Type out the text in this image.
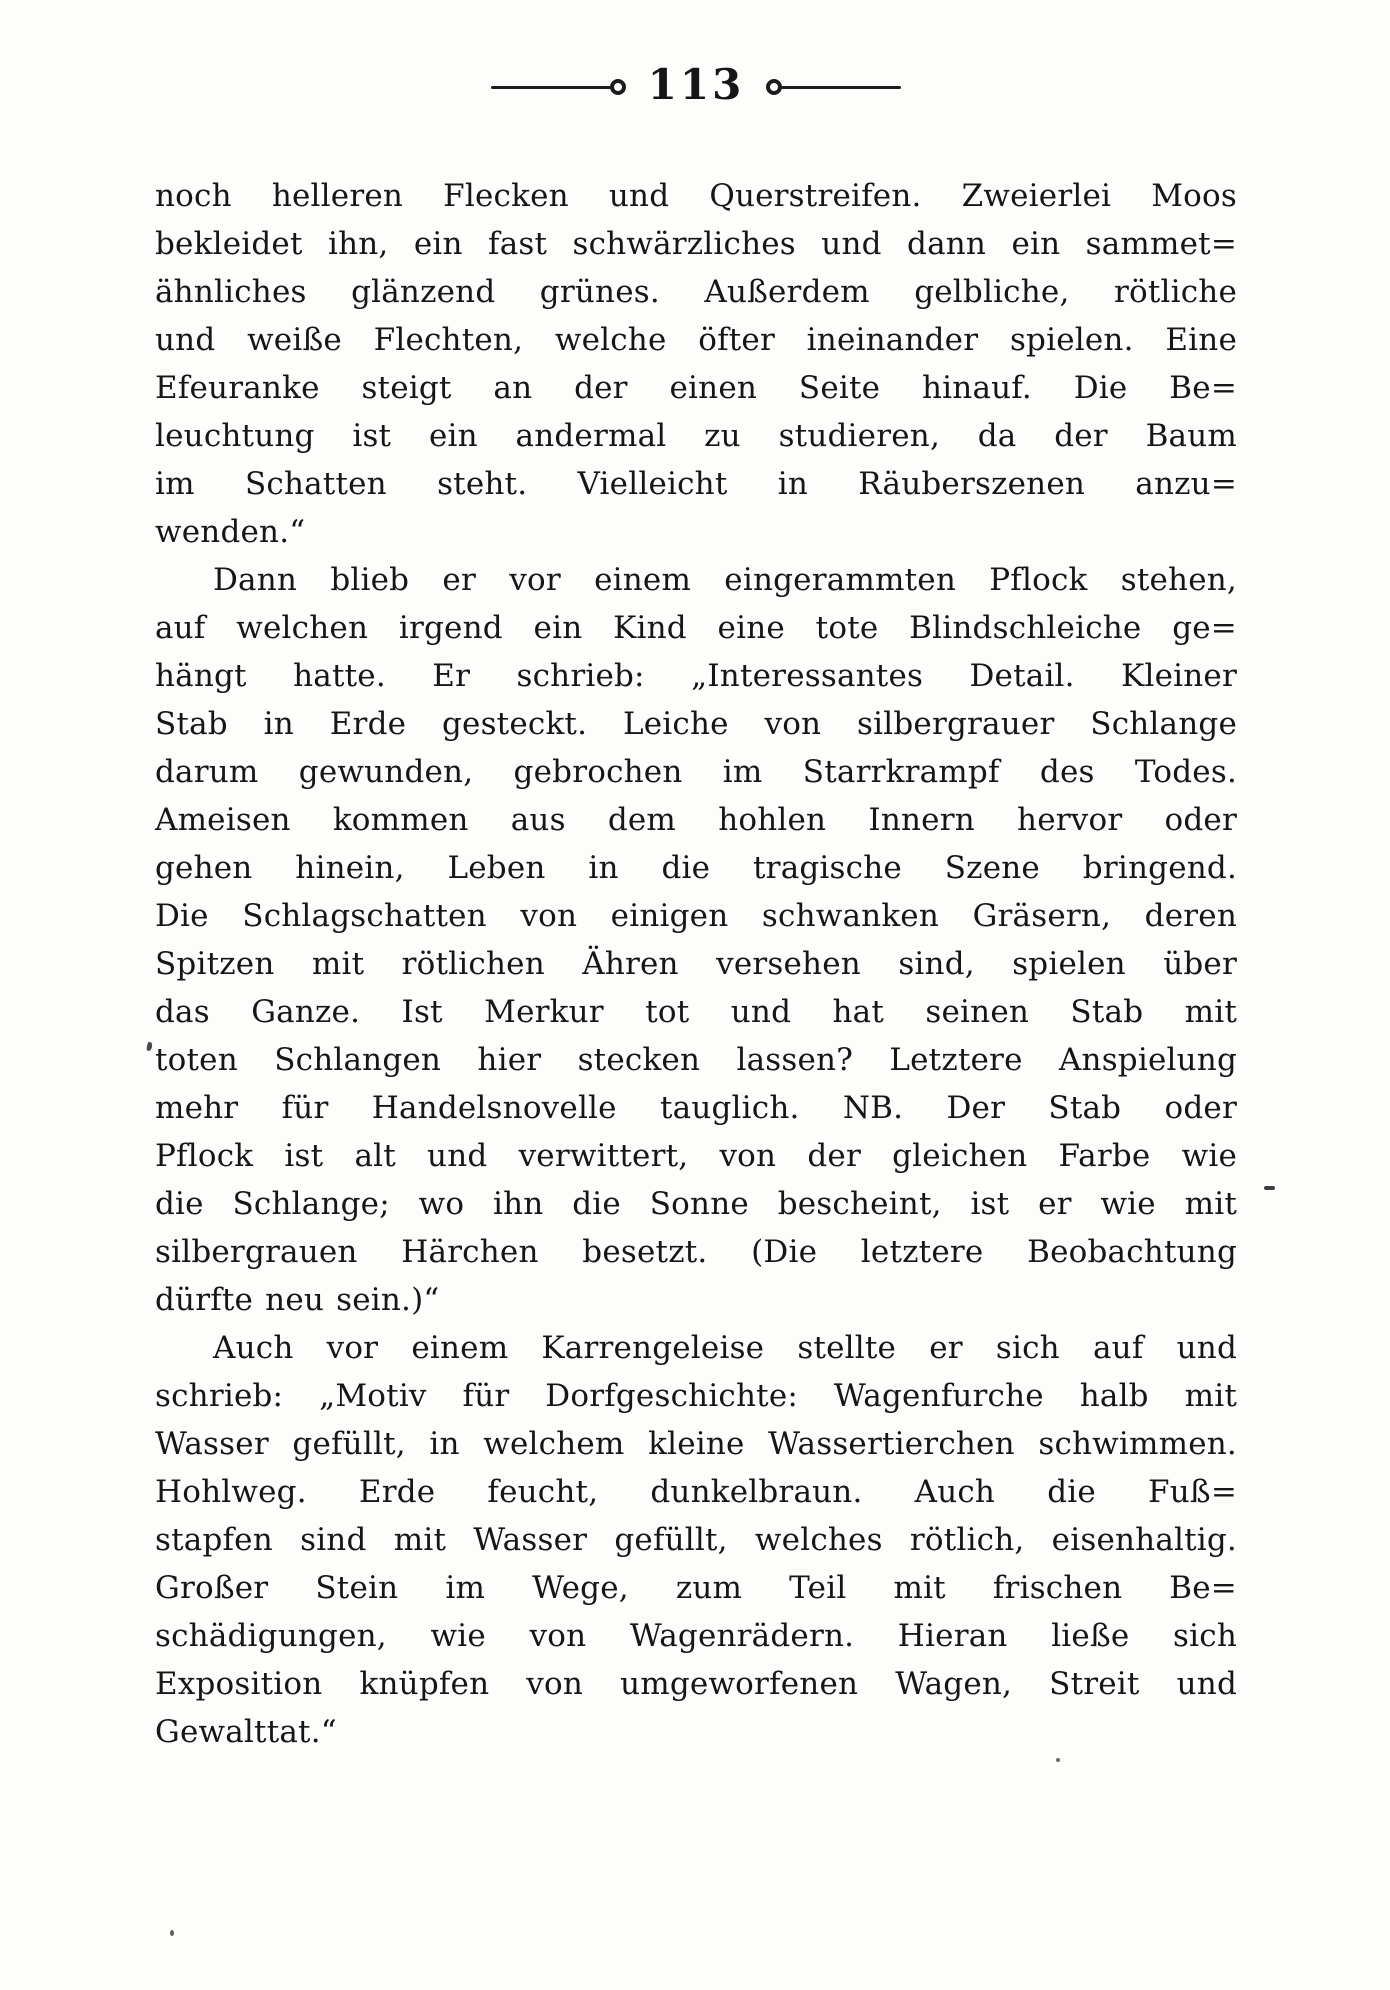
113

noch helleren Flecken und Querstreifen. Zweierlei Moos

bekleidet ihn, ein fast schwärzliches und dann ein sammet=

ähnliches glänzend grünes. Außerdem gelbliche, rötliche

und weiße Flechten, welche öfter ineinander spielen. Eine

Efeuranke steigt an der einen Seite hinauf. Die Be=

leuchtung ist ein andermal zu studieren, da der Baum

im Schatten steht. Vielleicht in Räuberszenen anzu=

wenden.“

Dann blieb er vor einem eingerammten Pflock stehen,

auf welchen irgend ein Kind eine tote Blindschleiche ge=

hängt hatte. Er schrieb: „Interessantes Detail. Kleiner

Stab in Erde gesteckt. Leiche von silbergrauer Schlange

darum gewunden, gebrochen im Starrkrampf des Todes.

Ameisen kommen aus dem hohlen Innern hervor oder

gehen hinein, Leben in die tragische Szene bringend.

Die Schlagschatten von einigen schwanken Gräsern, deren

Spitzen mit rötlichen Ähren versehen sind, spielen über

das Ganze. Ist Merkur tot und hat seinen Stab mit

toten Schlangen hier stecken lassen? Letztere Anspielung

mehr für Handelsnovelle tauglich. NB. Der Stab oder

Pflock ist alt und verwittert, von der gleichen Farbe wie

die Schlange; wo ihn die Sonne bescheint, ist er wie mit

silbergrauen Härchen besetzt. (Die letztere Beobachtung

dürfte neu sein.)“

Auch vor einem Karrengeleise stellte er sich auf und

schrieb: „Motiv für Dorfgeschichte: Wagenfurche halb mit

Wasser gefüllt, in welchem kleine Wassertierchen schwimmen.

Hohlweg. Erde feucht, dunkelbraun. Auch die Fuß=

stapfen sind mit Wasser gefüllt, welches rötlich, eisenhaltig.

Großer Stein im Wege, zum Teil mit frischen Be=

schädigungen, wie von Wagenrädern. Hieran ließe sich

Exposition knüpfen von umgeworfenen Wagen, Streit und

Gewalttat.“
